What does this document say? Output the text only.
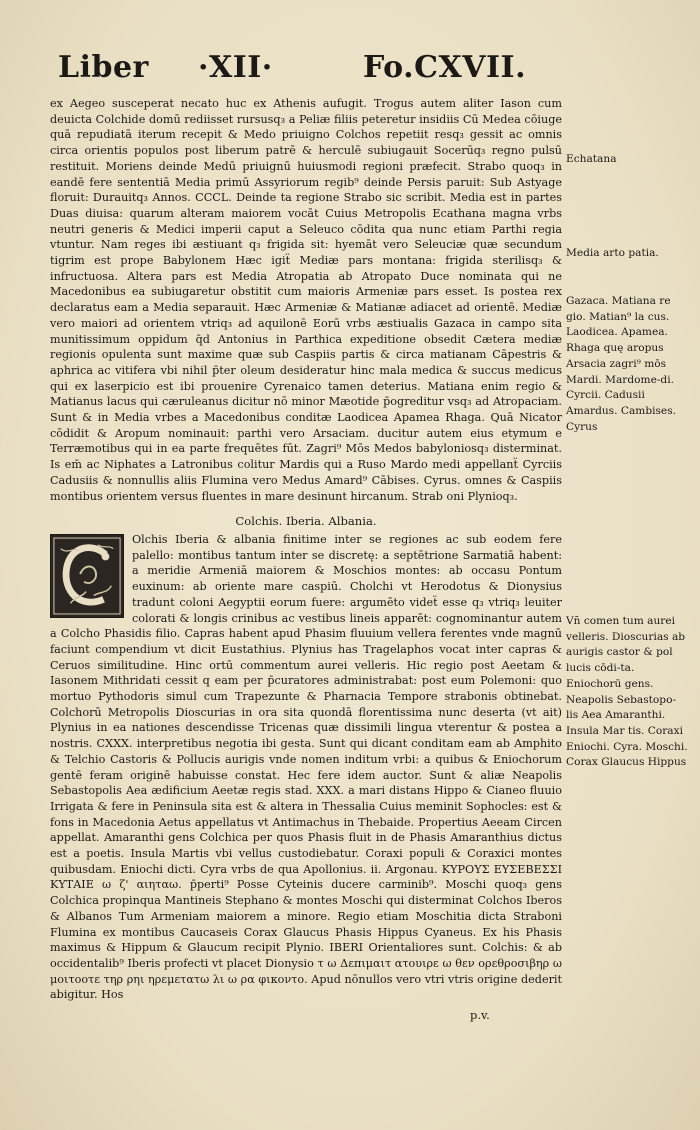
Liber ·XII·	Fo.CXVII.

ex Aegeo susceperat necato huc ex Athenis aufugit. Trogus autem aliter Iason cum deuicta Colchide domū rediisset rursusq₃ a Peliæ filiis peteretur insidiis Cū Medea cōiuge quā repudiatā iterum recepit & Medo priuigno Colchos repetiit resq₃ gessit ac omnis circa orientis populos post liberum patrē & herculē subiugauit Socerūq₃ regno pulsū restituit. Moriens deinde Medū priuignū huiusmodi regioni præfecit. Strabo quoq₃ in eandē fere sententiā Media primū Assyriorum regib⁹ deinde Persis paruit: Sub Astyage floruit: Durauitq₃ Annos. CCCL. Deinde ta regione Strabo sic scribit. Media est in partes Duas diuisa: quarum alteram maiorem vocāt Cuius Metropolis Ecathana magna vrbs neutri generis & Medici imperii caput a Seleuco cōdita qua nunc etiam Parthi regia vtuntur. Nam reges ibi æstiuant q₃ frigida sit: hyemāt vero Seleuciæ quæ secundum tigrim est prope Babylonem Hæc igiẗ Mediæ pars montana: frigida sterilisq₃ & infructuosa. Altera pars est Media Atropatia ab Atropato Duce nominata qui ne Macedonibus ea subiugaretur obstitit cum maioris Armeniæ pars esset. Is postea rex declaratus eam a Media separauit. Hæc Armeniæ & Matianæ adiacet ad orientē. Mediæ vero maiori ad orientem vtriq₃ ad aquilonē Eorū vrbs æstiualis Gazaca in campo sita munitissimum oppidum q̄d Antonius in Parthica expeditione obsedit Cætera mediæ regionis opulenta sunt maxime quæ sub Caspiis partis & circa matianam Cāpestris & aphrica ac vitifera vbi nihil p̄ter oleum desideratur hinc mala medica & succus medicus qui ex laserpicio est ibi prouenire Cyrenaico tamen deterius. Matiana enim regio & Matianus lacus qui cæruleanus dicitur nō minor Mæotide p̄ogreditur vsq₃ ad Atropaciam. Sunt & in Media vrbes a Macedonibus conditæ Laodicea Apamea Rhaga. Quā Nicator cōdidit & Aropum nominauit: parthi vero Arsaciam. ducitur autem eius etymum e Terræmotibus qui in ea parte frequētes fūt. Zagri⁹ Mōs Medos babyloniosq₃ disterminat. Is em̄ ac Niphates a Latronibus colitur Mardis qui a Ruso Mardo medi appellanẗ Cyrciis Cadusiis & nonnullis aliis Flumina vero Medus Amard⁹ Cābises. Cyrus. omnes & Caspiis montibus orientem versus fluentes in mare desinunt hircanum. Strab oni Plynioq₃.

Colchis. Iberia. Albania.

Olchis Iberia & albania finitime inter se regiones ac sub eodem fere palello: montibus tantum inter se discretę: a septētrione Sarmatiā habent: a meridie Armeniā maiorem & Moschios montes: ab occasu Pontum euxinum: ab oriente mare caspiū. Cholchi vt Herodotus & Dionysius tradunt coloni Aegyptii eorum fuere: argumēto videẗ esse q₃ vtriq₃ leuiter colorati & longis crinibus ac vestibus lineis apparēt: cognominantur autem a Colcho Phasidis filio. Capras habent apud Phasim fluuium vellera ferentes vnde magnū faciunt compendium vt dicit Eustathius. Plynius has Tragelaphos vocat inter capras & Ceruos similitudine. Hinc ortū commentum aurei velleris. Hic regio post Aeetam & Iasonem Mithridati cessit q eam per p̄curatores administrabat: post eum Polemoni: quo mortuo Pythodoris simul cum Trapezunte & Pharnacia Tempore strabonis obtinebat. Colchorū Metropolis Dioscurias in ora sita quondā florentissima nunc deserta (vt ait) Plynius in ea nationes descendisse Tricenas quæ dissimili lingua vterentur & postea a nostris. CXXX. interpretibus negotia ibi gesta. Sunt qui dicant conditam eam ab Amphito & Telchio Castoris & Pollucis aurigis vnde nomen inditum vrbi: a quibus & Eniochorum gentē feram originē habuisse constat. Hec fere idem auctor. Sunt & aliæ Neapolis Sebastopolis Aea ædificium Aeetæ regis stad. XXX. a mari distans Hippo & Cianeo fluuio Irrigata & fere in Peninsula sita est & altera in Thessalia Cuius meminit Sophocles: est & fons in Macedonia Aetus appellatus vt Antimachus in Thebaide. Propertius Aeeam Circen appellat. Amaranthi gens Colchica per quos Phasis fluit in de Phasis Amaranthius dictus est a poetis. Insula Martis vbi vellus custodiebatur. Coraxi populi & Coraxici montes quibusdam. Eniochi dicti. Cyra vrbs de qua Apollonius. ii. Argonau. ΚΥΡΟΥΣ ΕΥΣΕΒΕΣΣΙ ΚΥΤΑΙΕ ω ζ' αιηταω. p̄perti⁹ Posse Cyteinis ducere carminib⁹. Moschi quoq₃ gens Colchica propinqua Mantineis Stephano & montes Moschi qui disterminat Colchos Iberos & Albanos Tum Armeniam maiorem a minore. Regio etiam Moschitia dicta Straboni Flumina ex montibus Caucaseis Corax Glaucus Phasis Hippus Cyaneus. Ex his Phasis maximus & Hippum & Glaucum recipit Plynio. IBERI Orientaliores sunt. Colchis: & ab occidentalib⁹ Iberis profecti vt placet Dionysio τ ω Δεπιμαιτ ατουιρε ω θεν ορεθροσιβηρ ω μοιτοοτε τηρ ρηι ηρεμετατω λι ω ρα φικοντο. Apud nōnullos vero vtri vtris origine dederit abigitur. Hos

Echatana
Media arto patia.
Gazaca. Matiana re gio. Matian⁹ la cus. Laodicea. Apamea. Rhaga quę aropus Arsacia zagri⁹ mōs Mardi. Mardome-di. Cyrcii. Cadusii Amardus. Cambises. Cyrus
Vn̄ comen tum aurei velleris. Dioscurias ab aurigis castor & pol lucis cōdi-ta. Eniochorū gens. Neapolis Sebastopo-lis Aea Amaranthi. Insula Mar tis. Coraxi Eniochi. Cyra. Moschi. Corax Glaucus Hippus
p.v.
